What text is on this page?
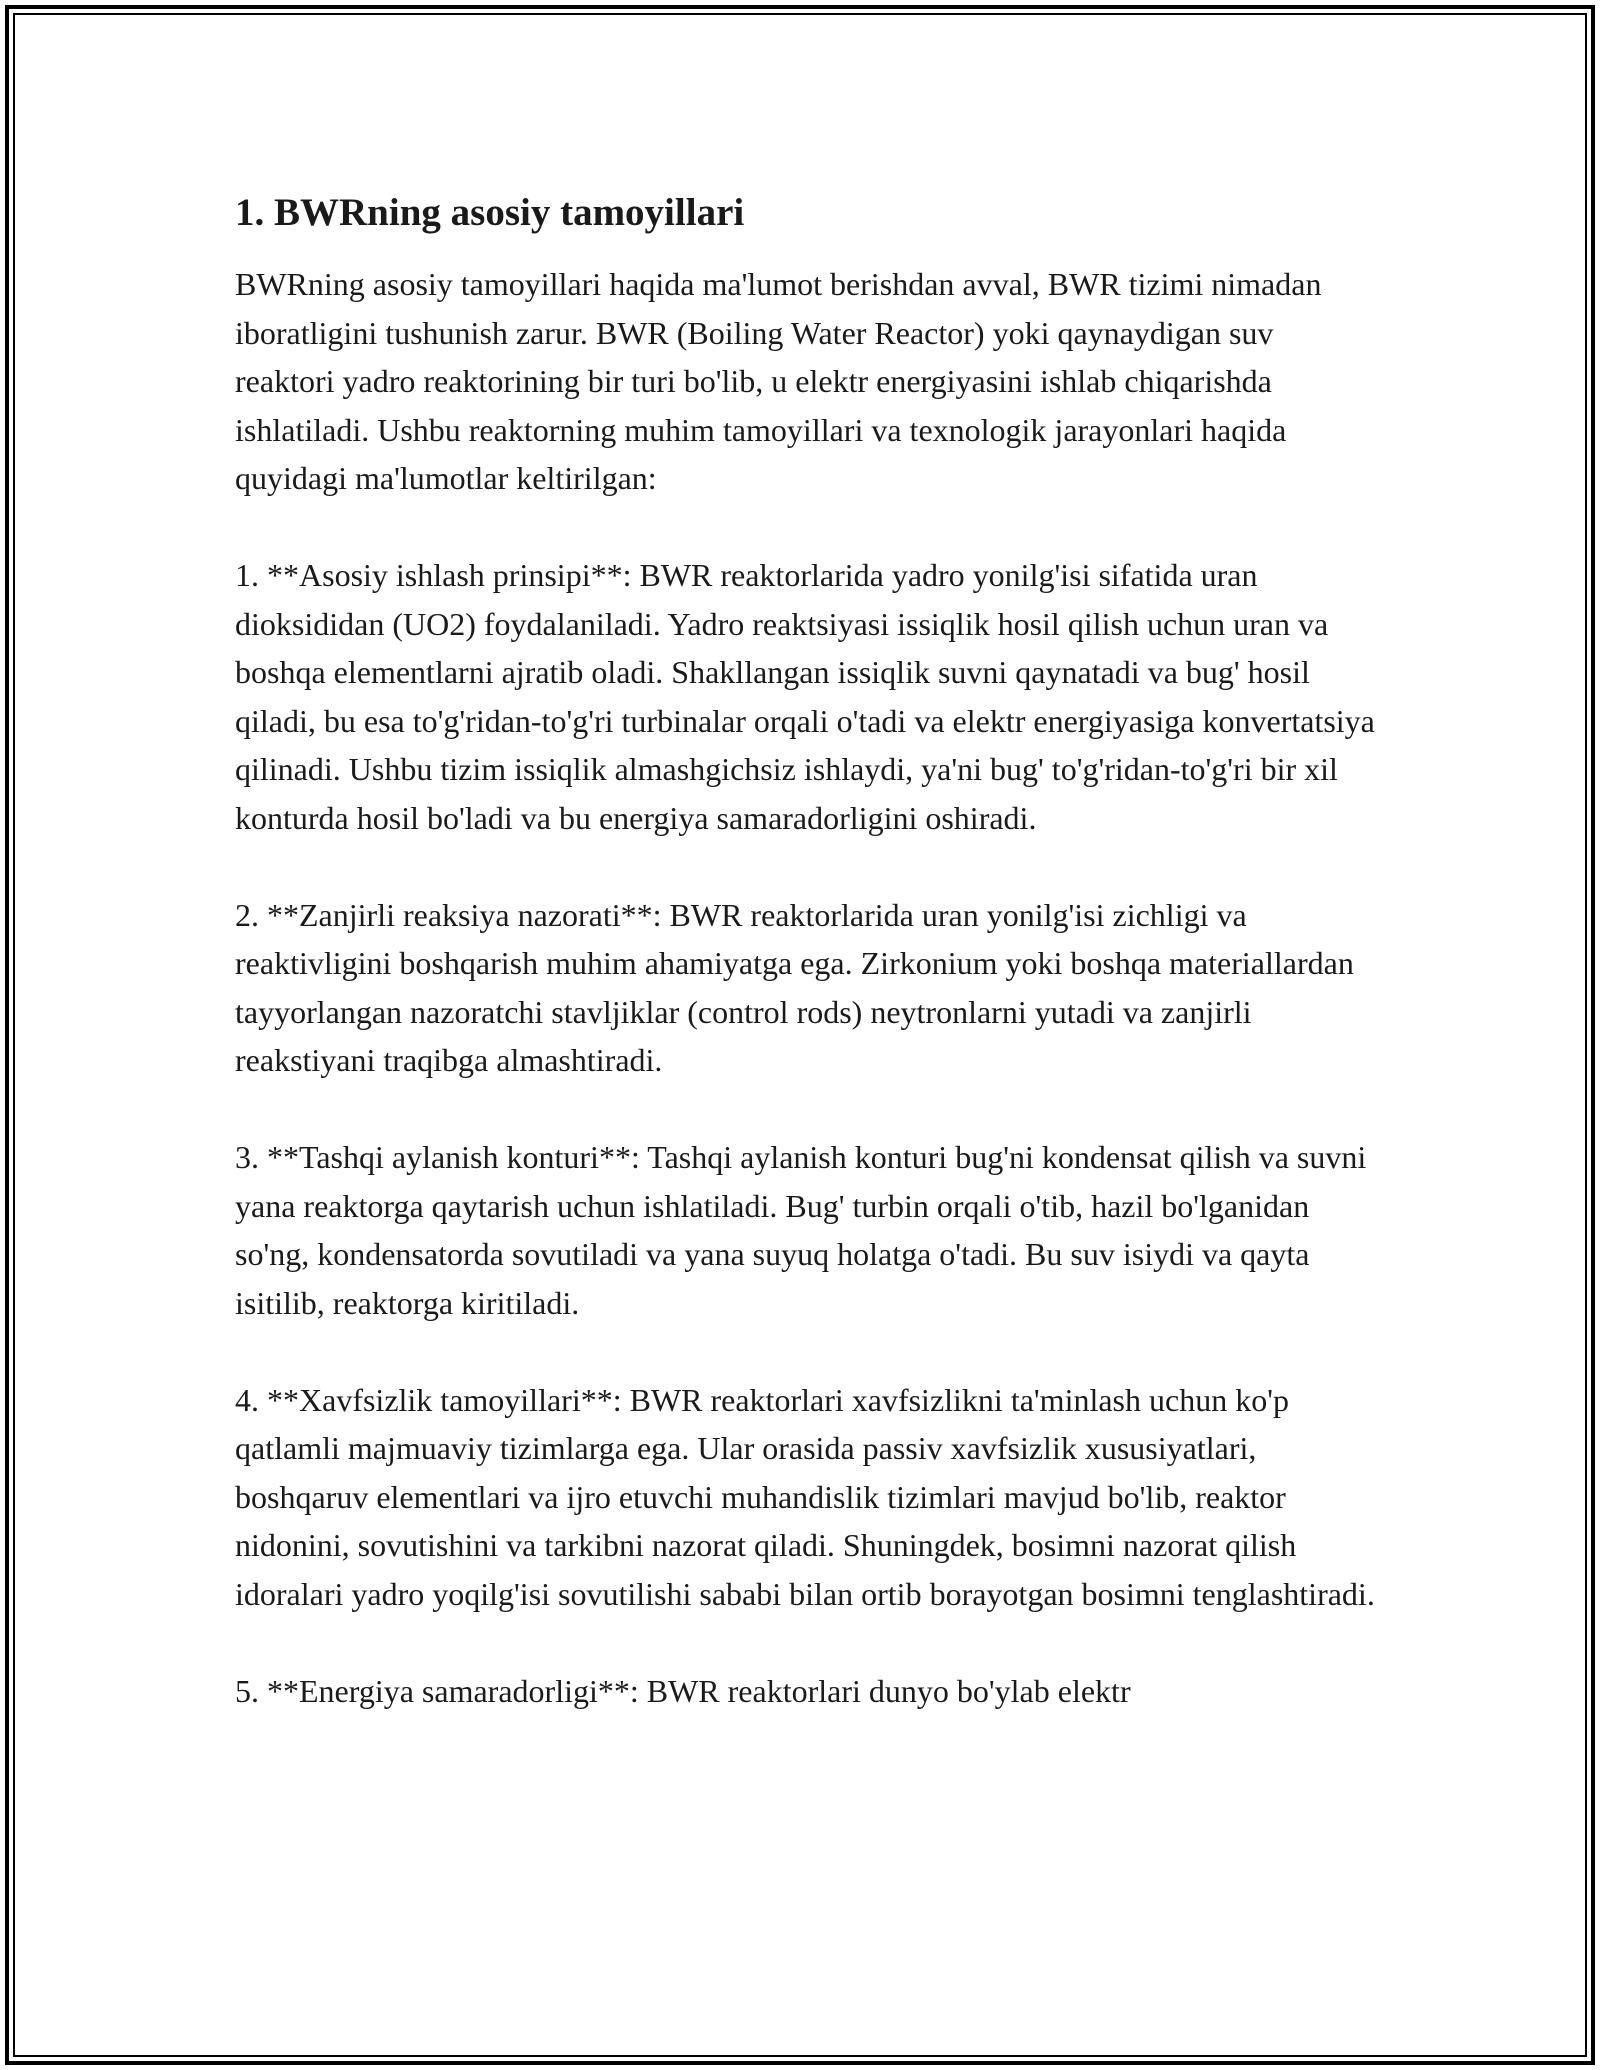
1. BWRning asosiy tamoyillari

BWRning asosiy tamoyillari haqida ma'lumot berishdan avval, BWR tizimi nimadan iboratligini tushunish zarur. BWR (Boiling Water Reactor) yoki qaynaydigan suv reaktori yadro reaktorining bir turi bo'lib, u elektr energiyasini ishlab chiqarishda ishlatiladi. Ushbu reaktorning muhim tamoyillari va texnologik jarayonlari haqida quyidagi ma'lumotlar keltirilgan:

1. **Asosiy ishlash prinsipi**: BWR reaktorlarida yadro yonilg'isi sifatida uran dioksididan (UO2) foydalaniladi. Yadro reaktsiyasi issiqlik hosil qilish uchun uran va boshqa elementlarni ajratib oladi. Shakllangan issiqlik suvni qaynatadi va bug' hosil qiladi, bu esa to'g'ridan-to'g'ri turbinalar orqali o'tadi va elektr energiyasiga konvertatsiya qilinadi. Ushbu tizim issiqlik almashgichsiz ishlaydi, ya'ni bug' to'g'ridan-to'g'ri bir xil konturda hosil bo'ladi va bu energiya samaradorligini oshiradi.

2. **Zanjirli reaksiya nazorati**: BWR reaktorlarida uran yonilg'isi zichligi va reaktivligini boshqarish muhim ahamiyatga ega. Zirkonium yoki boshqa materiallardan tayyorlangan nazoratchi stavljiklar (control rods) neytronlarni yutadi va zanjirli reakstiyani traqibga almashtiradi.

3. **Tashqi aylanish konturi**: Tashqi aylanish konturi bug'ni kondensat qilish va suvni yana reaktorga qaytarish uchun ishlatiladi. Bug' turbin orqali o'tib, hazil bo'lganidan so'ng, kondensatorda sovutiladi va yana suyuq holatga o'tadi. Bu suv isiydi va qayta isitilib, reaktorga kiritiladi.

4. **Xavfsizlik tamoyillari**: BWR reaktorlari xavfsizlikni ta'minlash uchun ko'p qatlamli majmuaviy tizimlarga ega. Ular orasida passiv xavfsizlik xususiyatlari, boshqaruv elementlari va ijro etuvchi muhandislik tizimlari mavjud bo'lib, reaktor nidonini, sovutishini va tarkibni nazorat qiladi. Shuningdek, bosimni nazorat qilish idoralari yadro yoqilg'isi sovutilishi sababi bilan ortib borayotgan bosimni tenglashtiradi.

5. **Energiya samaradorligi**: BWR reaktorlari dunyo bo'ylab elektr
